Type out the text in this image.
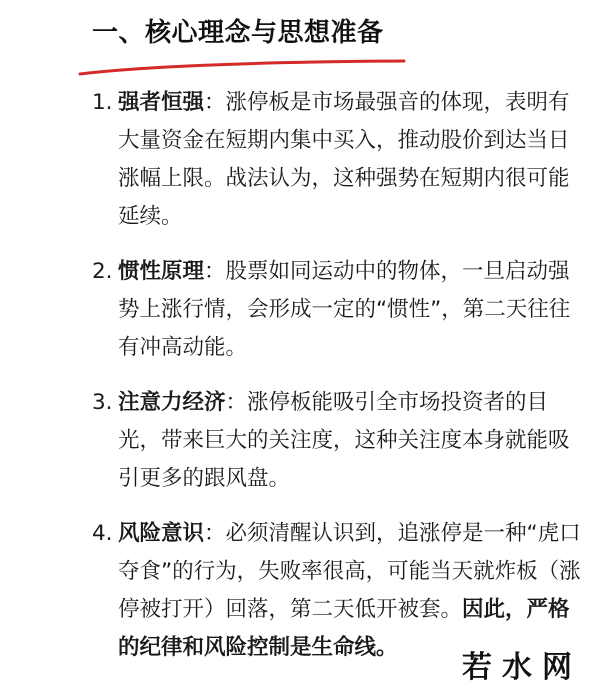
一、核心理念与思想准备
1. 强者恒强：涨停板是市场最强音的体现，表明有大量资金在短期内集中买入，推动股价到达当日涨幅上限。战法认为，这种强势在短期内很可能延续。
2. 惯性原理：股票如同运动中的物体，一旦启动强势上涨行情，会形成一定的“惯性”，第二天往往有冲高动能。
3. 注意力经济：涨停板能吸引全市场投资者的目光，带来巨大的关注度，这种关注度本身就能吸引更多的跟风盘。
4. 风险意识：必须清醒认识到，追涨停是一种“虎口夺食”的行为，失败率很高，可能当天就炸板（涨停被打开）回落，第二天低开被套。因此，严格的纪律和风险控制是生命线。
若水网
